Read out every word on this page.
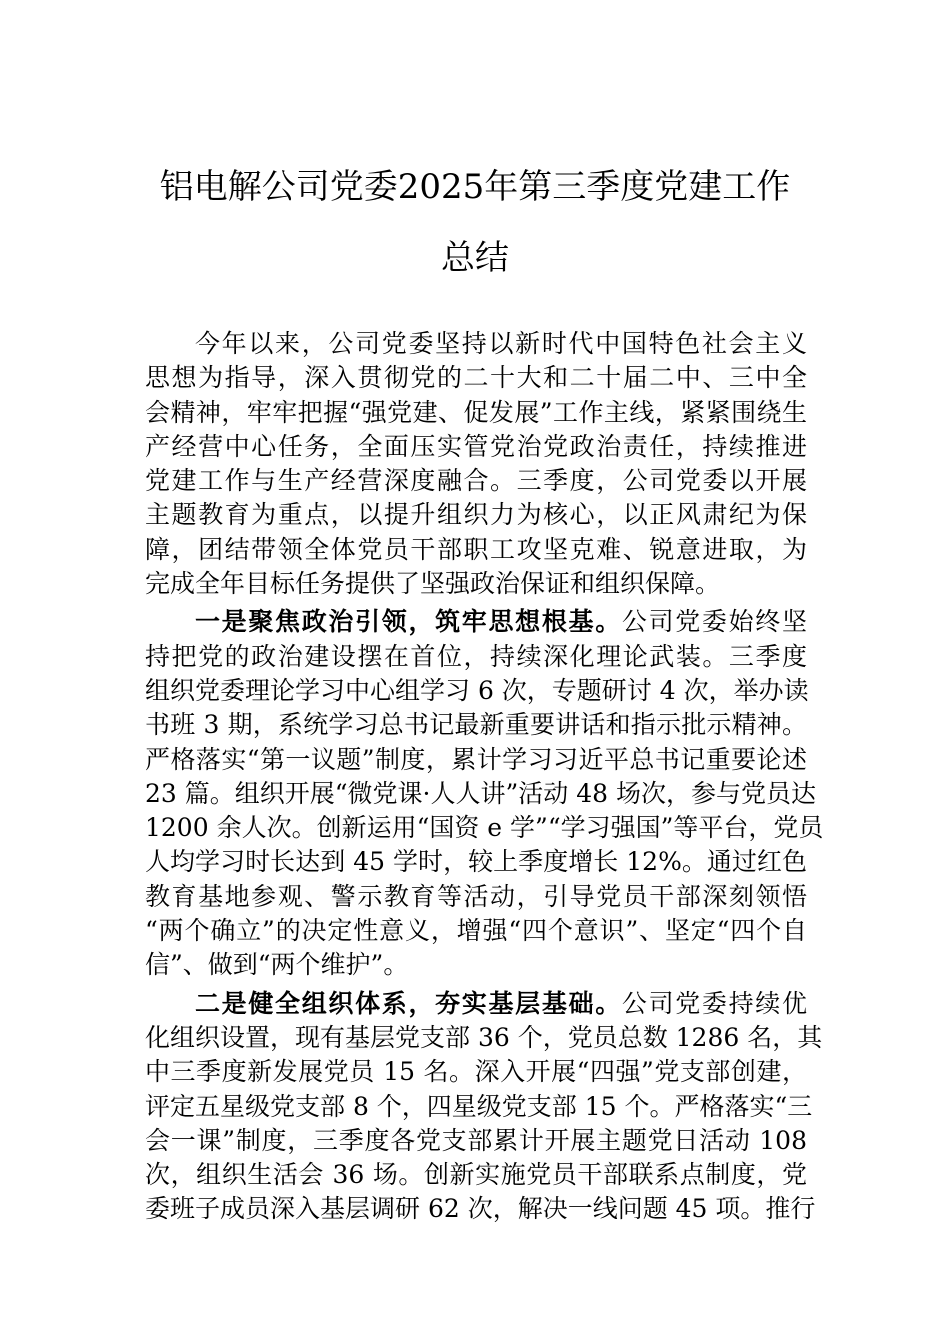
铝电解公司党委2025年第三季度党建工作
总结
今年以来，公司党委坚持以新时代中国特色社会主义
思想为指导，深入贯彻党的二十大和二十届二中、三中全
会精神，牢牢把握“强党建、促发展”工作主线，紧紧围绕生
产经营中心任务，全面压实管党治党政治责任，持续推进
党建工作与生产经营深度融合。三季度，公司党委以开展
主题教育为重点，以提升组织力为核心，以正风肃纪为保
障，团结带领全体党员干部职工攻坚克难、锐意进取，为
完成全年目标任务提供了坚强政治保证和组织保障。
一是聚焦政治引领，筑牢思想根基。公司党委始终坚
持把党的政治建设摆在首位，持续深化理论武装。三季度
组织党委理论学习中心组学习 6 次，专题研讨 4 次，举办读
书班 3 期，系统学习总书记最新重要讲话和指示批示精神。
严格落实“第一议题”制度，累计学习习近平总书记重要论述
23 篇。组织开展“微党课·人人讲”活动 48 场次，参与党员达
1200 余人次。创新运用“国资 e 学”“学习强国”等平台，党员
人均学习时长达到 45 学时，较上季度增长 12%。通过红色
教育基地参观、警示教育等活动，引导党员干部深刻领悟
“两个确立”的决定性意义，增强“四个意识”、坚定“四个自
信”、做到“两个维护”。
二是健全组织体系，夯实基层基础。公司党委持续优
化组织设置，现有基层党支部 36 个，党员总数 1286 名，其
中三季度新发展党员 15 名。深入开展“四强”党支部创建，
评定五星级党支部 8 个，四星级党支部 15 个。严格落实“三
会一课”制度，三季度各党支部累计开展主题党日活动 108
次，组织生活会 36 场。创新实施党员干部联系点制度，党
委班子成员深入基层调研 62 次，解决一线问题 45 项。推行
